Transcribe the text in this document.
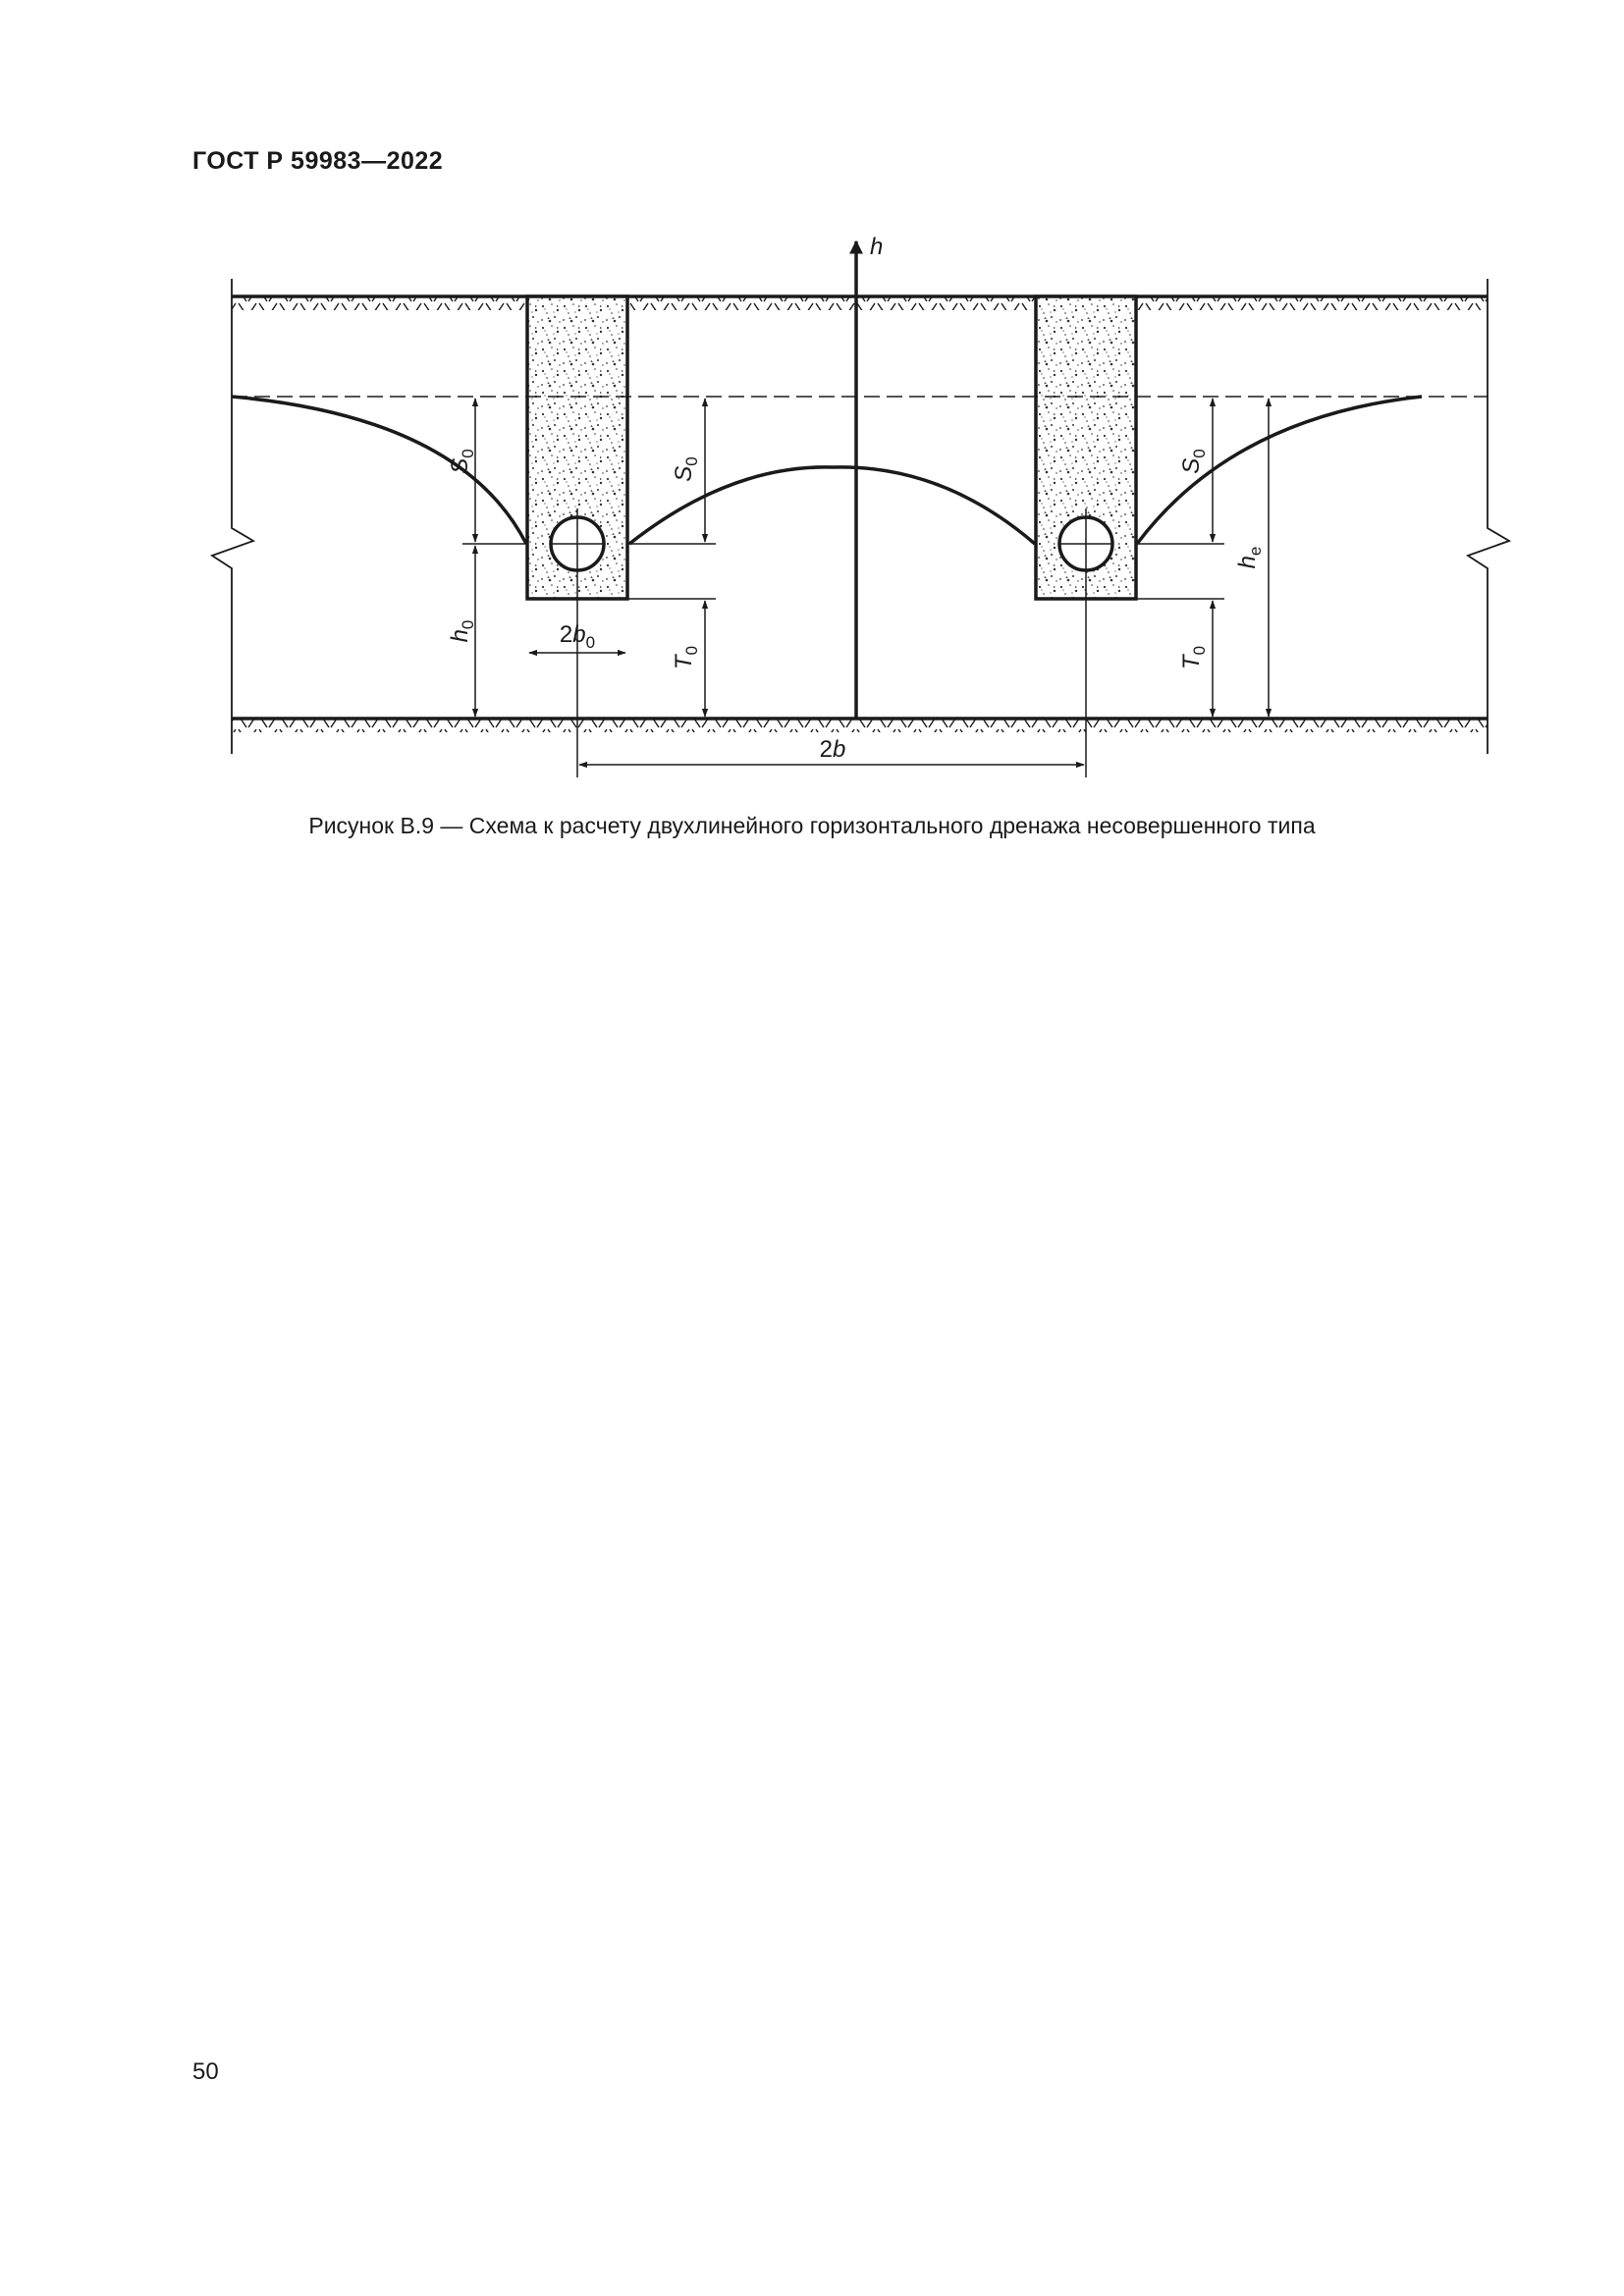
ГОСТ Р 59983—2022
h
$S_0$
$h_0$
$S_0$
$T_0$
$S_0$
$T_0$
$h_e$
$2b_0$
2b
Рисунок В.9 — Схема к расчету двухлинейного горизонтального дренажа несовершенного типа
50
